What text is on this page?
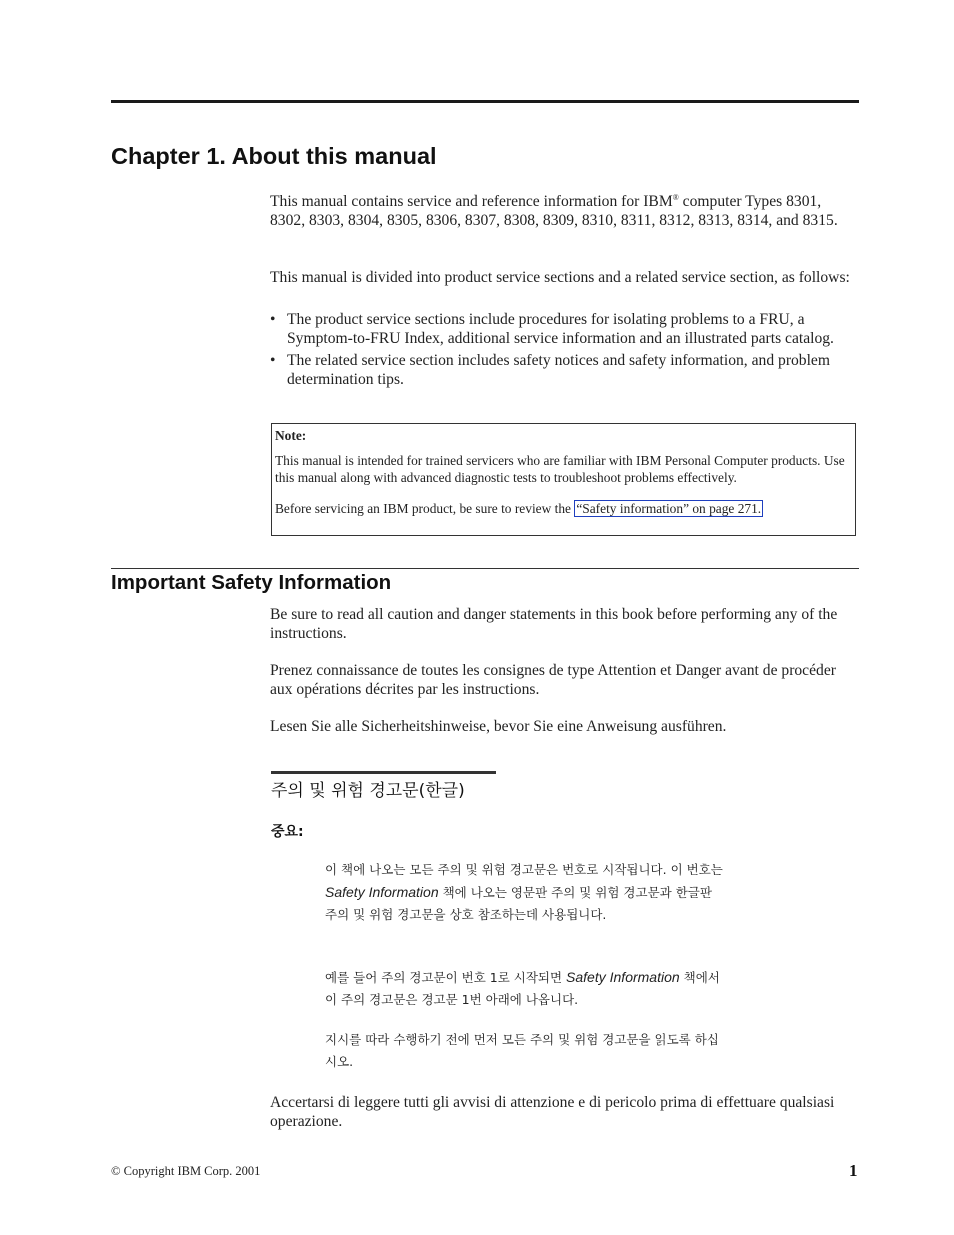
Chapter 1. About this manual

This manual contains service and reference information for IBM® computer Types 8301, 8302, 8303, 8304, 8305, 8306, 8307, 8308, 8309, 8310, 8311, 8312, 8313, 8314, and 8315.

This manual is divided into product service sections and a related service section, as follows:

• The product service sections include procedures for isolating problems to a FRU, a Symptom-to-FRU Index, additional service information and an illustrated parts catalog.
• The related service section includes safety notices and safety information, and problem determination tips.

Note:

This manual is intended for trained servicers who are familiar with IBM Personal Computer products. Use this manual along with advanced diagnostic tests to troubleshoot problems effectively.

Before servicing an IBM product, be sure to review the “Safety information” on page 271.

Important Safety Information

Be sure to read all caution and danger statements in this book before performing any of the instructions.

Prenez connaissance de toutes les consignes de type Attention et Danger avant de procéder aux opérations décrites par les instructions.

Lesen Sie alle Sicherheitshinweise, bevor Sie eine Anweisung ausführen.

주의 및 위험 경고문(한글)
중요:

이 책에 나오는 모든 주의 및 위험 경고문은 번호로 시작됩니다. 이 번호는 Safety Information 책에 나오는 영문판 주의 및 위험 경고문과 한글판 주의 및 위험 경고문을 상호 참조하는데 사용됩니다.

예를 들어 주의 경고문이 번호 1로 시작되면 Safety Information 책에서 이 주의 경고문은 경고문 1번 아래에 나옵니다.

지시를 따라 수행하기 전에 먼저 모든 주의 및 위험 경고문을 읽도록 하십시오.

Accertarsi di leggere tutti gli avvisi di attenzione e di pericolo prima di effettuare qualsiasi operazione.

© Copyright IBM Corp. 2001	1
